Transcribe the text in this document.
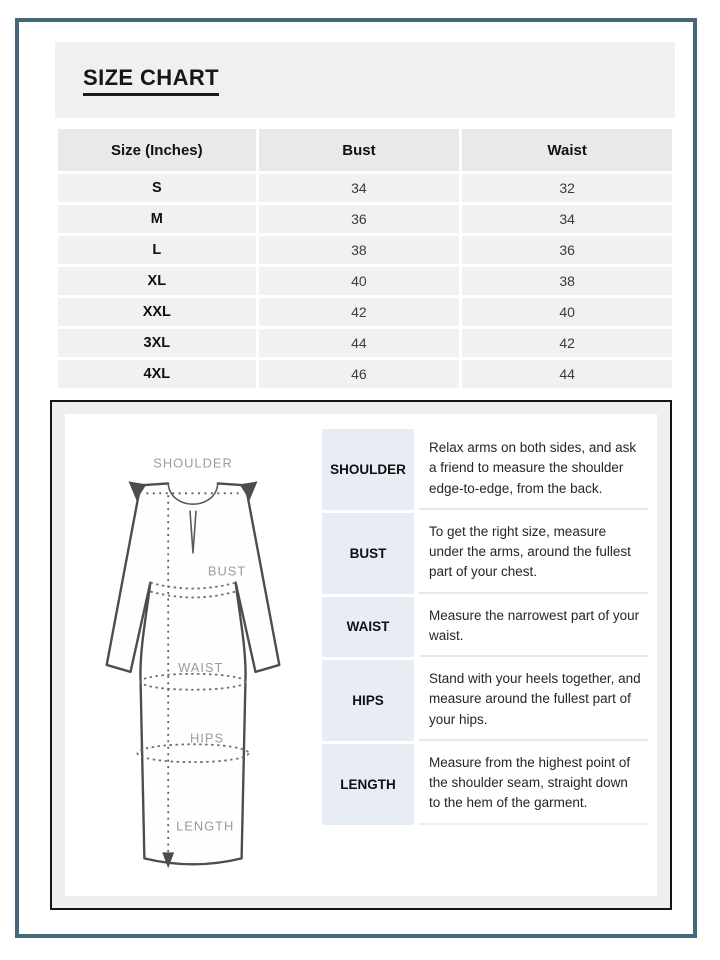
SIZE CHART
Size (Inches)	Bust	Waist
S	34	32
M	36	34
L	38	36
XL	40	38
XXL	42	40
3XL	44	42
4XL	46	44
SHOULDER
BUST
WAIST
HIPS
LENGTH
SHOULDER	Relax arms on both sides, and ask a friend to measure the shoulder edge-to-edge, from the back.
BUST	To get the right size, measure under the arms, around the fullest part of your chest.
WAIST	Measure the narrowest part of your waist.
HIPS	Stand with your heels together, and measure around the fullest part of your hips.
LENGTH	Measure from the highest point of the shoulder seam, straight down to the hem of the garment.
